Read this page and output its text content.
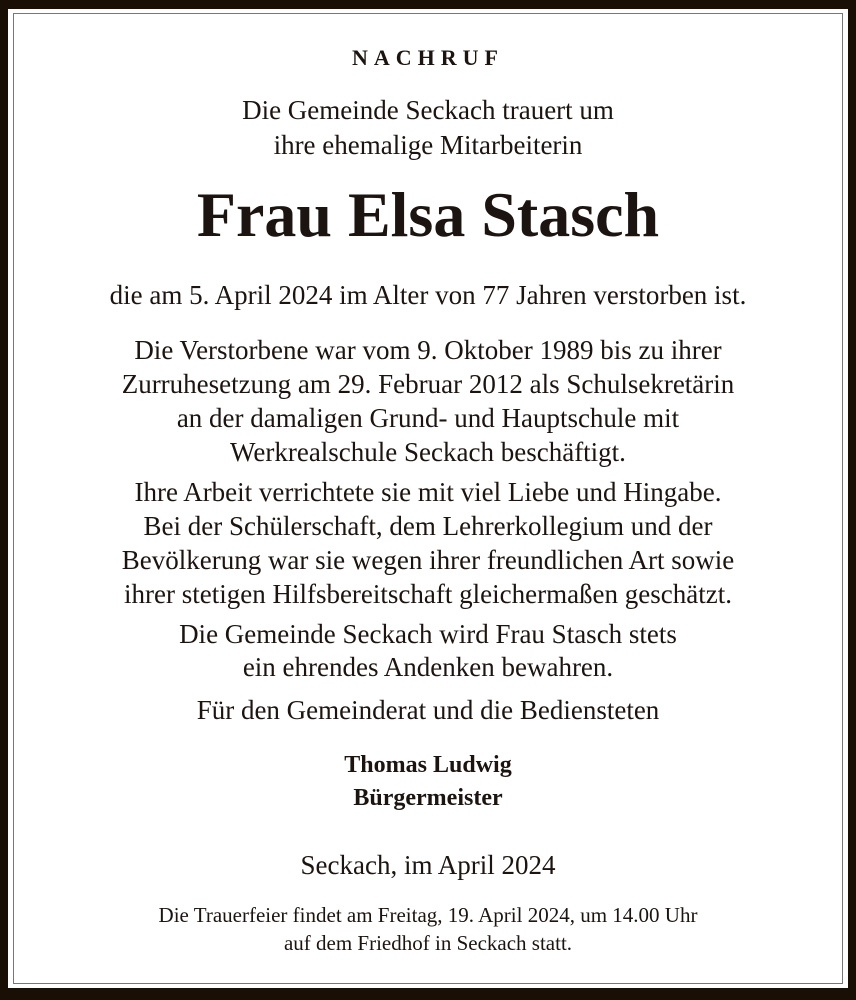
NACHRUF
Die Gemeinde Seckach trauert um
ihre ehemalige Mitarbeiterin
Frau Elsa Stasch
die am 5. April 2024 im Alter von 77 Jahren verstorben ist.
Die Verstorbene war vom 9. Oktober 1989 bis zu ihrer
Zurruhesetzung am 29. Februar 2012 als Schulsekretärin
an der damaligen Grund- und Hauptschule mit
Werkrealschule Seckach beschäftigt.
Ihre Arbeit verrichtete sie mit viel Liebe und Hingabe.
Bei der Schülerschaft, dem Lehrerkollegium und der
Bevölkerung war sie wegen ihrer freundlichen Art sowie
ihrer stetigen Hilfsbereitschaft gleichermaßen geschätzt.
Die Gemeinde Seckach wird Frau Stasch stets
ein ehrendes Andenken bewahren.
Für den Gemeinderat und die Bediensteten
Thomas Ludwig
Bürgermeister
Seckach, im April 2024
Die Trauerfeier findet am Freitag, 19. April 2024, um 14.00 Uhr
auf dem Friedhof in Seckach statt.
